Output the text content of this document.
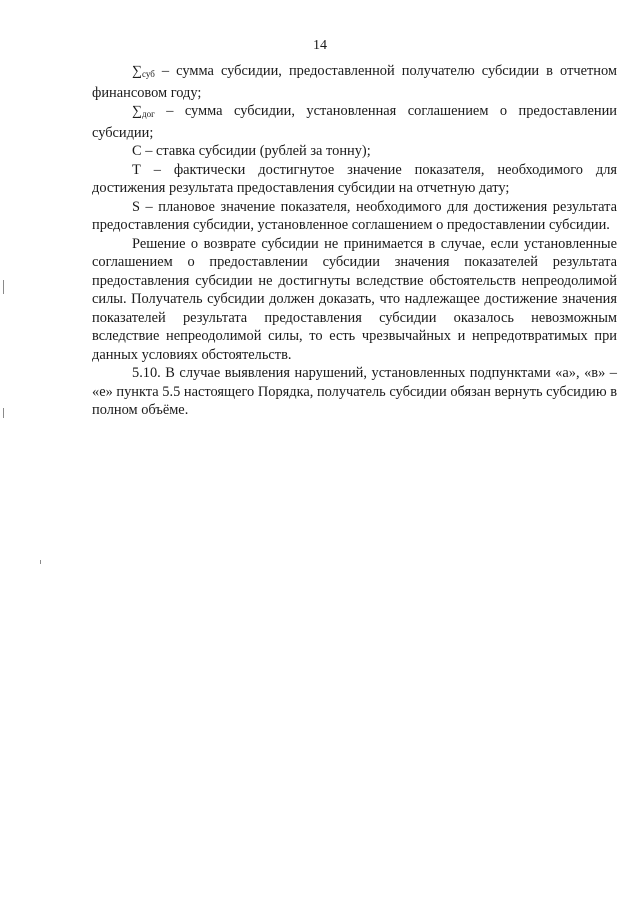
14

$\sum_{суб}$ – сумма субсидии, предоставленной получателю субсидии в отчетном финансовом году;

$\sum_{дог}$ – сумма субсидии, установленная соглашением о предоставлении субсидии;

С – ставка субсидии (рублей за тонну);

Т – фактически достигнутое значение показателя, необходимого для достижения результата предоставления субсидии на отчетную дату;

S – плановое значение показателя, необходимого для достижения результата предоставления субсидии, установленное соглашением о предоставлении субсидии.

Решение о возврате субсидии не принимается в случае, если установленные соглашением о предоставлении субсидии значения показателей результата предоставления субсидии не достигнуты вследствие обстоятельств непреодолимой силы. Получатель субсидии должен доказать, что надлежащее достижение значения показателей результата предоставления субсидии оказалось невозможным вследствие непреодолимой силы, то есть чрезвычайных и непредотвратимых при данных условиях обстоятельств.

5.10. В случае выявления нарушений, установленных подпунктами «а», «в» – «е» пункта 5.5 настоящего Порядка, получатель субсидии обязан вернуть субсидию в полном объёме.
